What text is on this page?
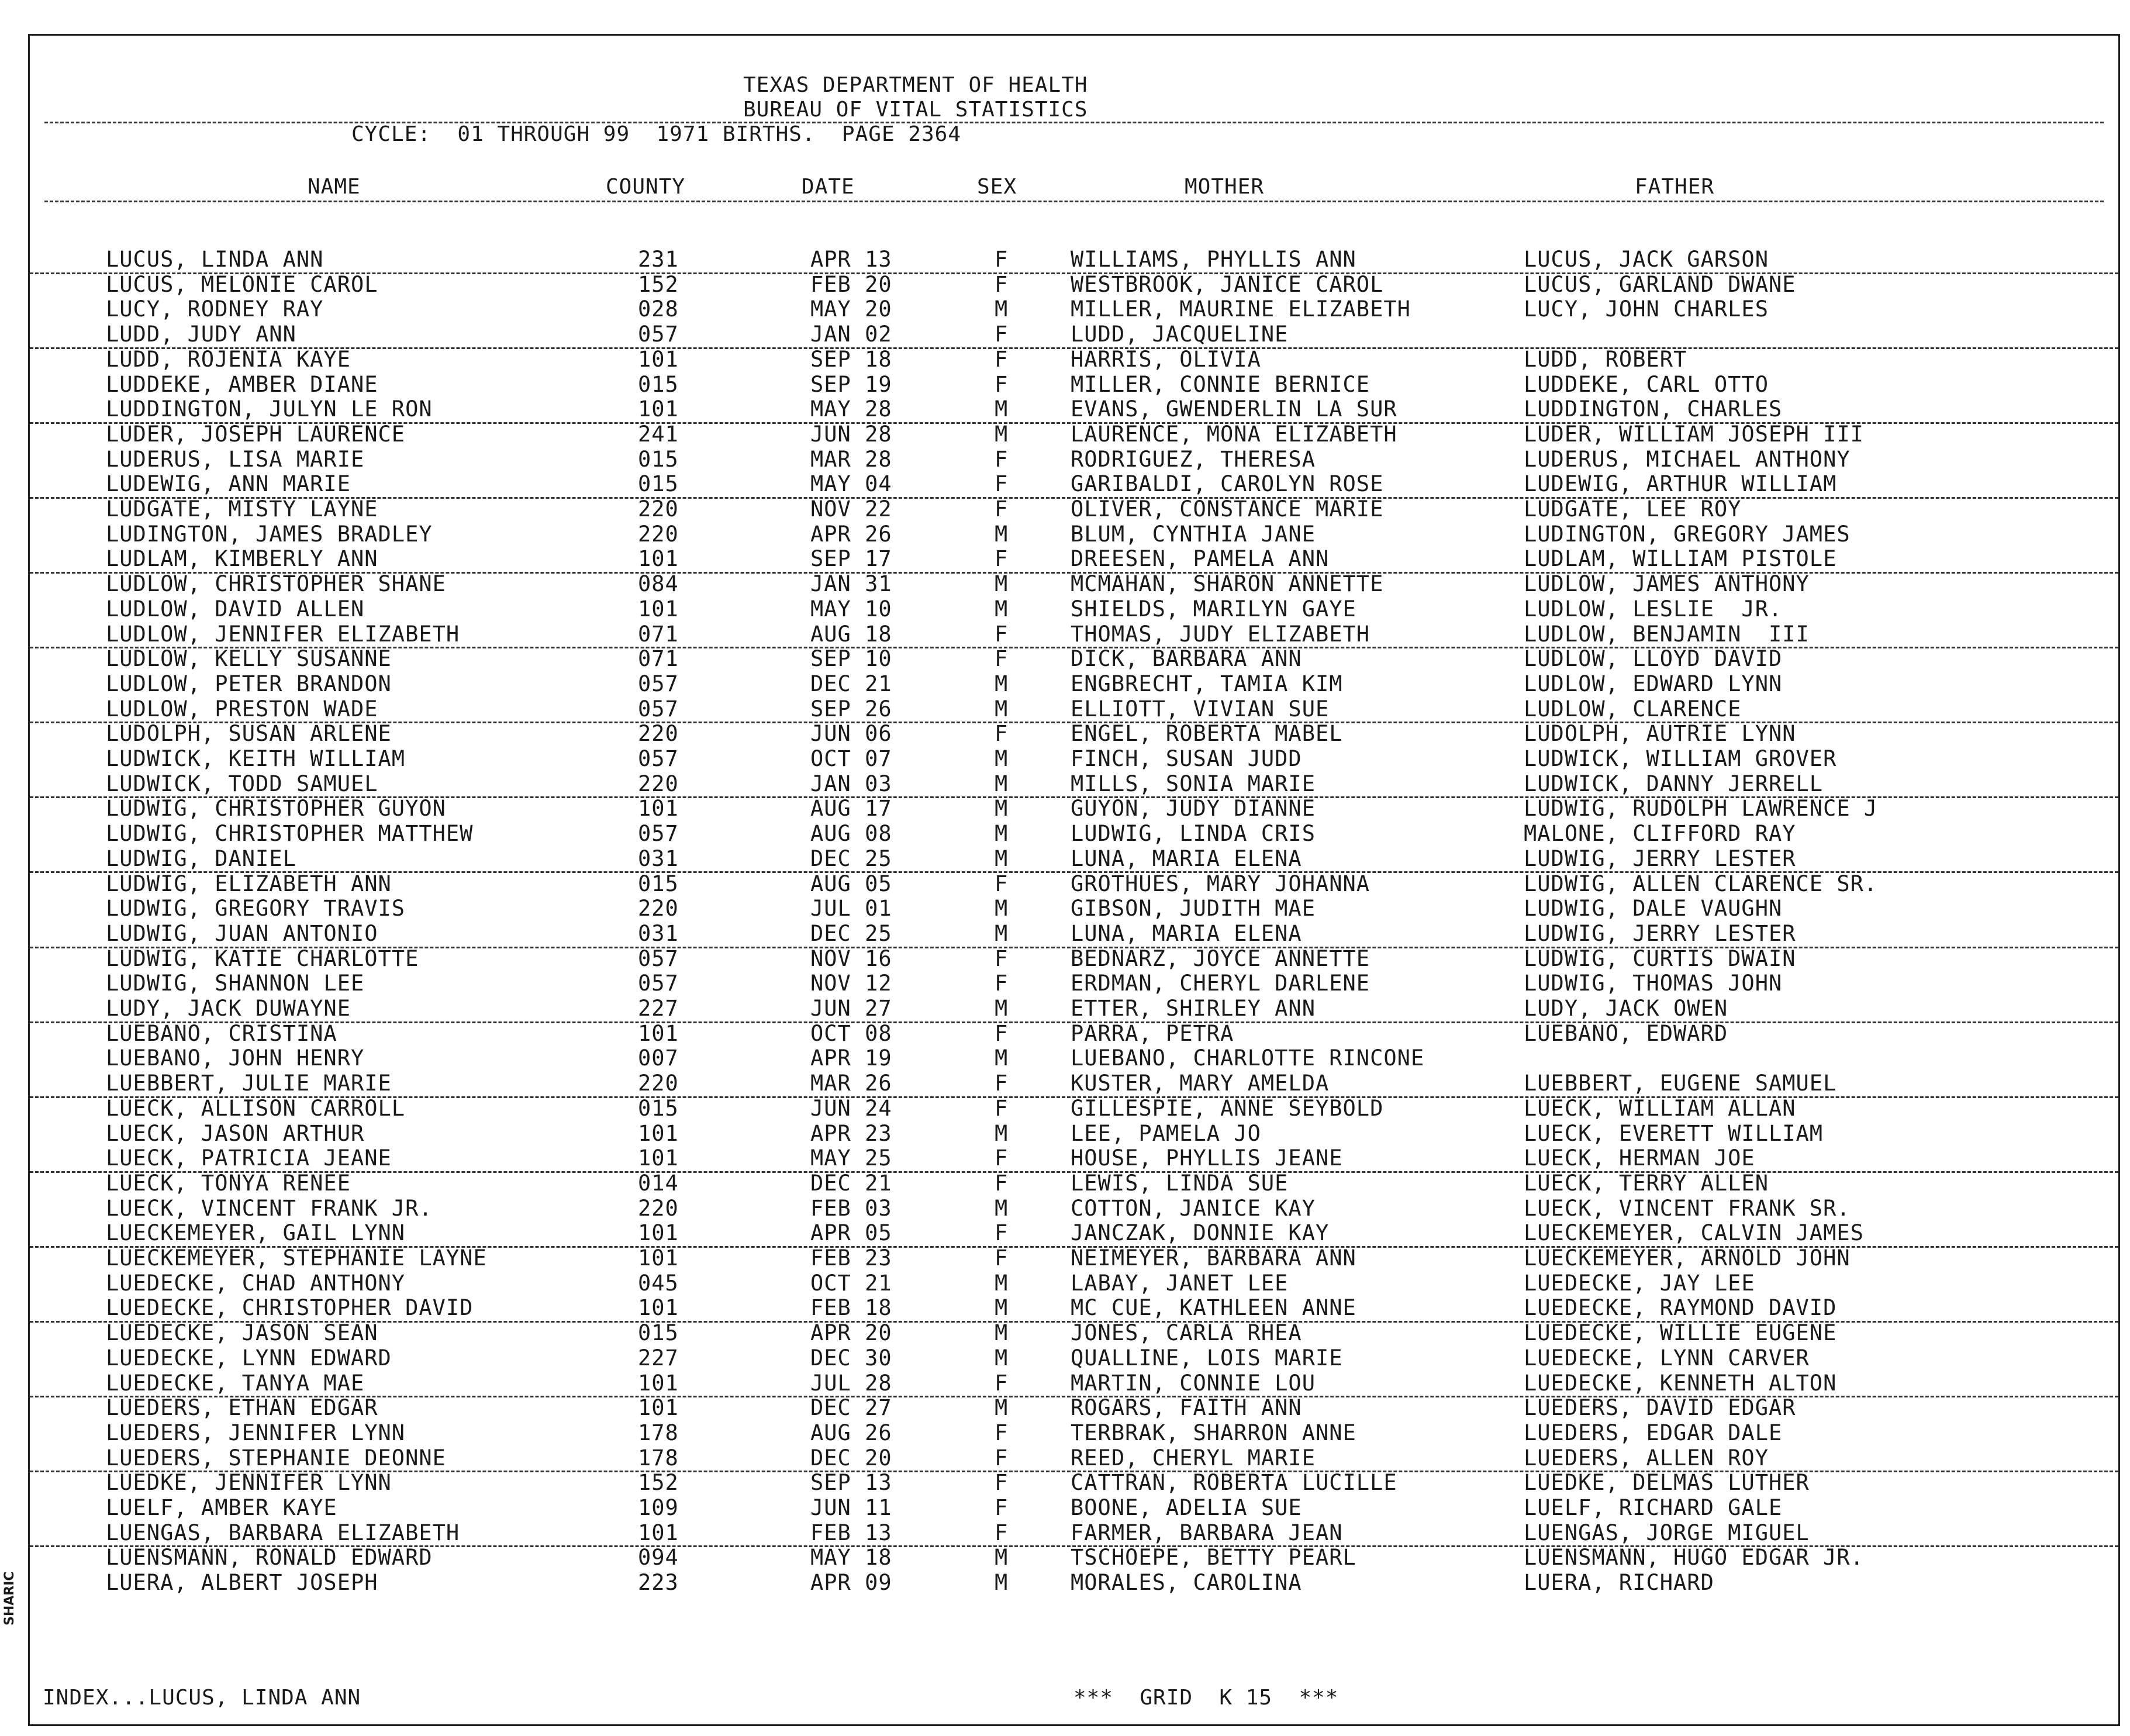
TEXAS DEPARTMENT OF HEALTH
BUREAU OF VITAL STATISTICS
CYCLE:  01 THROUGH 99  1971 BIRTHS.  PAGE 2364
NAME	COUNTY	DATE	SEX	MOTHER	FATHER
LUCUS, LINDA ANN	231	APR 13	F	WILLIAMS, PHYLLIS ANN	LUCUS, JACK GARSON
LUCUS, MELONIE CAROL	152	FEB 20	F	WESTBROOK, JANICE CAROL	LUCUS, GARLAND DWANE
LUCY, RODNEY RAY	028	MAY 20	M	MILLER, MAURINE ELIZABETH	LUCY, JOHN CHARLES
LUDD, JUDY ANN	057	JAN 02	F	LUDD, JACQUELINE
LUDD, ROJENIA KAYE	101	SEP 18	F	HARRIS, OLIVIA	LUDD, ROBERT
LUDDEKE, AMBER DIANE	015	SEP 19	F	MILLER, CONNIE BERNICE	LUDDEKE, CARL OTTO
LUDDINGTON, JULYN LE RON	101	MAY 28	M	EVANS, GWENDERLIN LA SUR	LUDDINGTON, CHARLES
LUDER, JOSEPH LAURENCE	241	JUN 28	M	LAURENCE, MONA ELIZABETH	LUDER, WILLIAM JOSEPH III
LUDERUS, LISA MARIE	015	MAR 28	F	RODRIGUEZ, THERESA	LUDERUS, MICHAEL ANTHONY
LUDEWIG, ANN MARIE	015	MAY 04	F	GARIBALDI, CAROLYN ROSE	LUDEWIG, ARTHUR WILLIAM
LUDGATE, MISTY LAYNE	220	NOV 22	F	OLIVER, CONSTANCE MARIE	LUDGATE, LEE ROY
LUDINGTON, JAMES BRADLEY	220	APR 26	M	BLUM, CYNTHIA JANE	LUDINGTON, GREGORY JAMES
LUDLAM, KIMBERLY ANN	101	SEP 17	F	DREESEN, PAMELA ANN	LUDLAM, WILLIAM PISTOLE
LUDLOW, CHRISTOPHER SHANE	084	JAN 31	M	MCMAHAN, SHARON ANNETTE	LUDLOW, JAMES ANTHONY
LUDLOW, DAVID ALLEN	101	MAY 10	M	SHIELDS, MARILYN GAYE	LUDLOW, LESLIE  JR.
LUDLOW, JENNIFER ELIZABETH	071	AUG 18	F	THOMAS, JUDY ELIZABETH	LUDLOW, BENJAMIN  III
LUDLOW, KELLY SUSANNE	071	SEP 10	F	DICK, BARBARA ANN	LUDLOW, LLOYD DAVID
LUDLOW, PETER BRANDON	057	DEC 21	M	ENGBRECHT, TAMIA KIM	LUDLOW, EDWARD LYNN
LUDLOW, PRESTON WADE	057	SEP 26	M	ELLIOTT, VIVIAN SUE	LUDLOW, CLARENCE
LUDOLPH, SUSAN ARLENE	220	JUN 06	F	ENGEL, ROBERTA MABEL	LUDOLPH, AUTRIE LYNN
LUDWICK, KEITH WILLIAM	057	OCT 07	M	FINCH, SUSAN JUDD	LUDWICK, WILLIAM GROVER
LUDWICK, TODD SAMUEL	220	JAN 03	M	MILLS, SONIA MARIE	LUDWICK, DANNY JERRELL
LUDWIG, CHRISTOPHER GUYON	101	AUG 17	M	GUYON, JUDY DIANNE	LUDWIG, RUDOLPH LAWRENCE J
LUDWIG, CHRISTOPHER MATTHEW	057	AUG 08	M	LUDWIG, LINDA CRIS	MALONE, CLIFFORD RAY
LUDWIG, DANIEL	031	DEC 25	M	LUNA, MARIA ELENA	LUDWIG, JERRY LESTER
LUDWIG, ELIZABETH ANN	015	AUG 05	F	GROTHUES, MARY JOHANNA	LUDWIG, ALLEN CLARENCE SR.
LUDWIG, GREGORY TRAVIS	220	JUL 01	M	GIBSON, JUDITH MAE	LUDWIG, DALE VAUGHN
LUDWIG, JUAN ANTONIO	031	DEC 25	M	LUNA, MARIA ELENA	LUDWIG, JERRY LESTER
LUDWIG, KATIE CHARLOTTE	057	NOV 16	F	BEDNARZ, JOYCE ANNETTE	LUDWIG, CURTIS DWAIN
LUDWIG, SHANNON LEE	057	NOV 12	F	ERDMAN, CHERYL DARLENE	LUDWIG, THOMAS JOHN
LUDY, JACK DUWAYNE	227	JUN 27	M	ETTER, SHIRLEY ANN	LUDY, JACK OWEN
LUEBANO, CRISTINA	101	OCT 08	F	PARRA, PETRA	LUEBANO, EDWARD
LUEBANO, JOHN HENRY	007	APR 19	M	LUEBANO, CHARLOTTE RINCONE
LUEBBERT, JULIE MARIE	220	MAR 26	F	KUSTER, MARY AMELDA	LUEBBERT, EUGENE SAMUEL
LUECK, ALLISON CARROLL	015	JUN 24	F	GILLESPIE, ANNE SEYBOLD	LUECK, WILLIAM ALLAN
LUECK, JASON ARTHUR	101	APR 23	M	LEE, PAMELA JO	LUECK, EVERETT WILLIAM
LUECK, PATRICIA JEANE	101	MAY 25	F	HOUSE, PHYLLIS JEANE	LUECK, HERMAN JOE
LUECK, TONYA RENEE	014	DEC 21	F	LEWIS, LINDA SUE	LUECK, TERRY ALLEN
LUECK, VINCENT FRANK JR.	220	FEB 03	M	COTTON, JANICE KAY	LUECK, VINCENT FRANK SR.
LUECKEMEYER, GAIL LYNN	101	APR 05	F	JANCZAK, DONNIE KAY	LUECKEMEYER, CALVIN JAMES
LUECKEMEYER, STEPHANIE LAYNE	101	FEB 23	F	NEIMEYER, BARBARA ANN	LUECKEMEYER, ARNOLD JOHN
LUEDECKE, CHAD ANTHONY	045	OCT 21	M	LABAY, JANET LEE	LUEDECKE, JAY LEE
LUEDECKE, CHRISTOPHER DAVID	101	FEB 18	M	MC CUE, KATHLEEN ANNE	LUEDECKE, RAYMOND DAVID
LUEDECKE, JASON SEAN	015	APR 20	M	JONES, CARLA RHEA	LUEDECKE, WILLIE EUGENE
LUEDECKE, LYNN EDWARD	227	DEC 30	M	QUALLINE, LOIS MARIE	LUEDECKE, LYNN CARVER
LUEDECKE, TANYA MAE	101	JUL 28	F	MARTIN, CONNIE LOU	LUEDECKE, KENNETH ALTON
LUEDERS, ETHAN EDGAR	101	DEC 27	M	ROGARS, FAITH ANN	LUEDERS, DAVID EDGAR
LUEDERS, JENNIFER LYNN	178	AUG 26	F	TERBRAK, SHARRON ANNE	LUEDERS, EDGAR DALE
LUEDERS, STEPHANIE DEONNE	178	DEC 20	F	REED, CHERYL MARIE	LUEDERS, ALLEN ROY
LUEDKE, JENNIFER LYNN	152	SEP 13	F	CATTRAN, ROBERTA LUCILLE	LUEDKE, DELMAS LUTHER
LUELF, AMBER KAYE	109	JUN 11	F	BOONE, ADELIA SUE	LUELF, RICHARD GALE
LUENGAS, BARBARA ELIZABETH	101	FEB 13	F	FARMER, BARBARA JEAN	LUENGAS, JORGE MIGUEL
LUENSMANN, RONALD EDWARD	094	MAY 18	M	TSCHOEPE, BETTY PEARL	LUENSMANN, HUGO EDGAR JR.
LUERA, ALBERT JOSEPH	223	APR 09	M	MORALES, CAROLINA	LUERA, RICHARD
INDEX...LUCUS, LINDA ANN	***  GRID  K 15  ***
SHARIC
